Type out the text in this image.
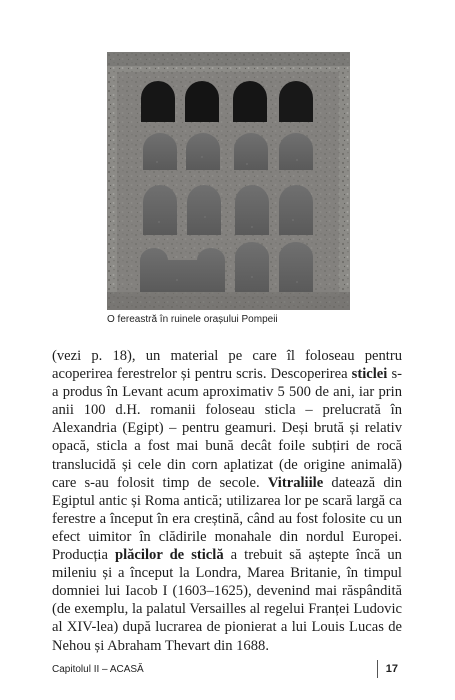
O fereastră în ruinele orașului Pompeii

(vezi p. 18), un material pe care îl foloseau pentru acoperirea ferestrelor și pentru scris. Descoperirea sticlei s-a produs în Levant acum aproximativ 5 500 de ani, iar prin anii 100 d.H. romanii foloseau sticla – prelucrată în Alexandria (Egipt) – pentru geamuri. Deși brută și relativ opacă, sticla a fost mai bună decât foile subțiri de rocă translucidă și cele din corn aplatizat (de origine animală) care s-au folosit timp de secole. Vitraliile datează din Egiptul antic și Roma antică; utilizarea lor pe scară largă ca ferestre a început în era creștină, când au fost folosite cu un efect uimitor în clădirile monahale din nordul Europei. Producția plăcilor de sticlă a trebuit să aștepte încă un mileniu și a început la Londra, Marea Britanie, în timpul domniei lui Iacob I (1603–1625), devenind mai răspândită (de exemplu, la palatul Versailles al regelui Franței Ludovic al XIV-lea) după lucrarea de pionierat a lui Louis Lucas de Nehou și Abraham Thevart din 1688.

Capitolul II – ACASĂ	17
